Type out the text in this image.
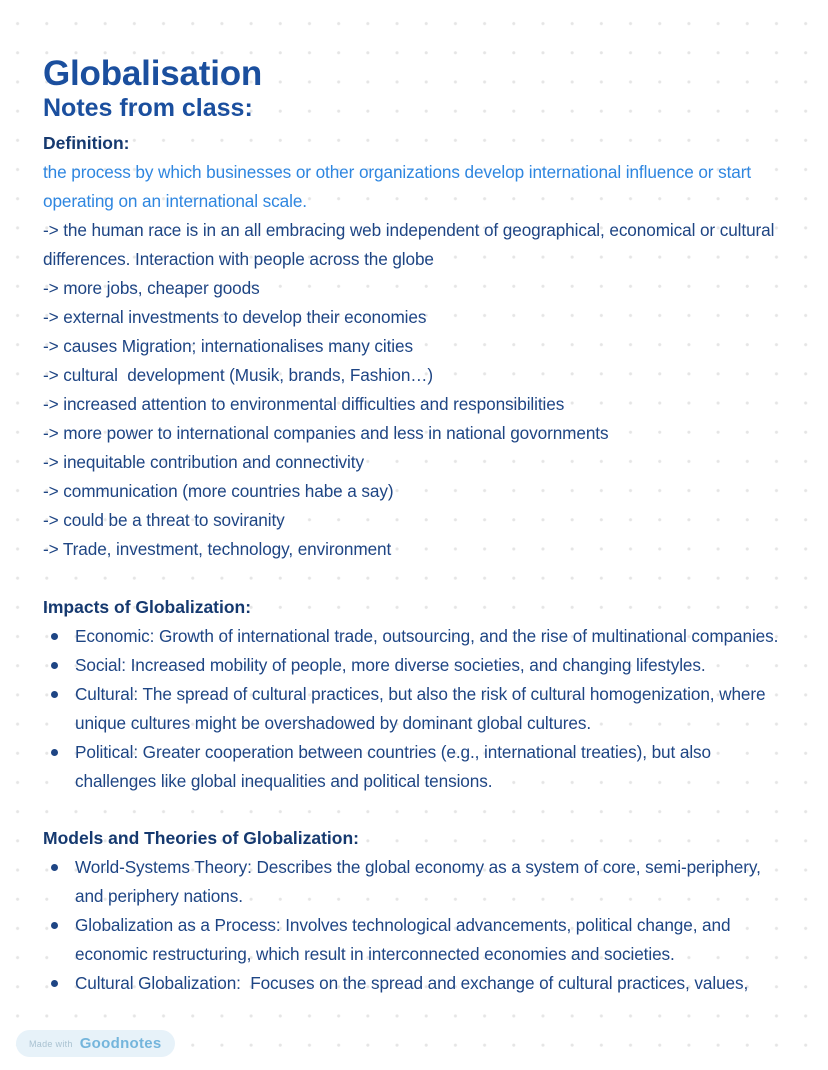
Globalisation
Notes from class:
Definition:

the process by which businesses or other organizations develop international influence or start operating on an international scale.

-> the human race is in an all embracing web independent of geographical, economical or cultural differences. Interaction with people across the globe

-> more jobs, cheaper goods

-> external investments to develop their economies

-> causes Migration; internationalises many cities

-> cultural  development (Musik, brands, Fashion…)

-> increased attention to environmental difficulties and responsibilities

-> more power to international companies and less in national govornments

-> inequitable contribution and connectivity

-> communication (more countries habe a say)

-> could be a threat to soviranity

-> Trade, investment, technology, environment

Impacts of Globalization:
Economic: Growth of international trade, outsourcing, and the rise of multinational companies.
Social: Increased mobility of people, more diverse societies, and changing lifestyles.
Cultural: The spread of cultural practices, but also the risk of cultural homogenization, where unique cultures might be overshadowed by dominant global cultures.
Political: Greater cooperation between countries (e.g., international treaties), but also challenges like global inequalities and political tensions.
Models and Theories of Globalization:
World-Systems Theory: Describes the global economy as a system of core, semi-periphery, and periphery nations.
Globalization as a Process: Involves technological advancements, political change, and economic restructuring, which result in interconnected economies and societies.
Cultural Globalization:  Focuses on the spread and exchange of cultural practices, values,
Made with Goodnotes
